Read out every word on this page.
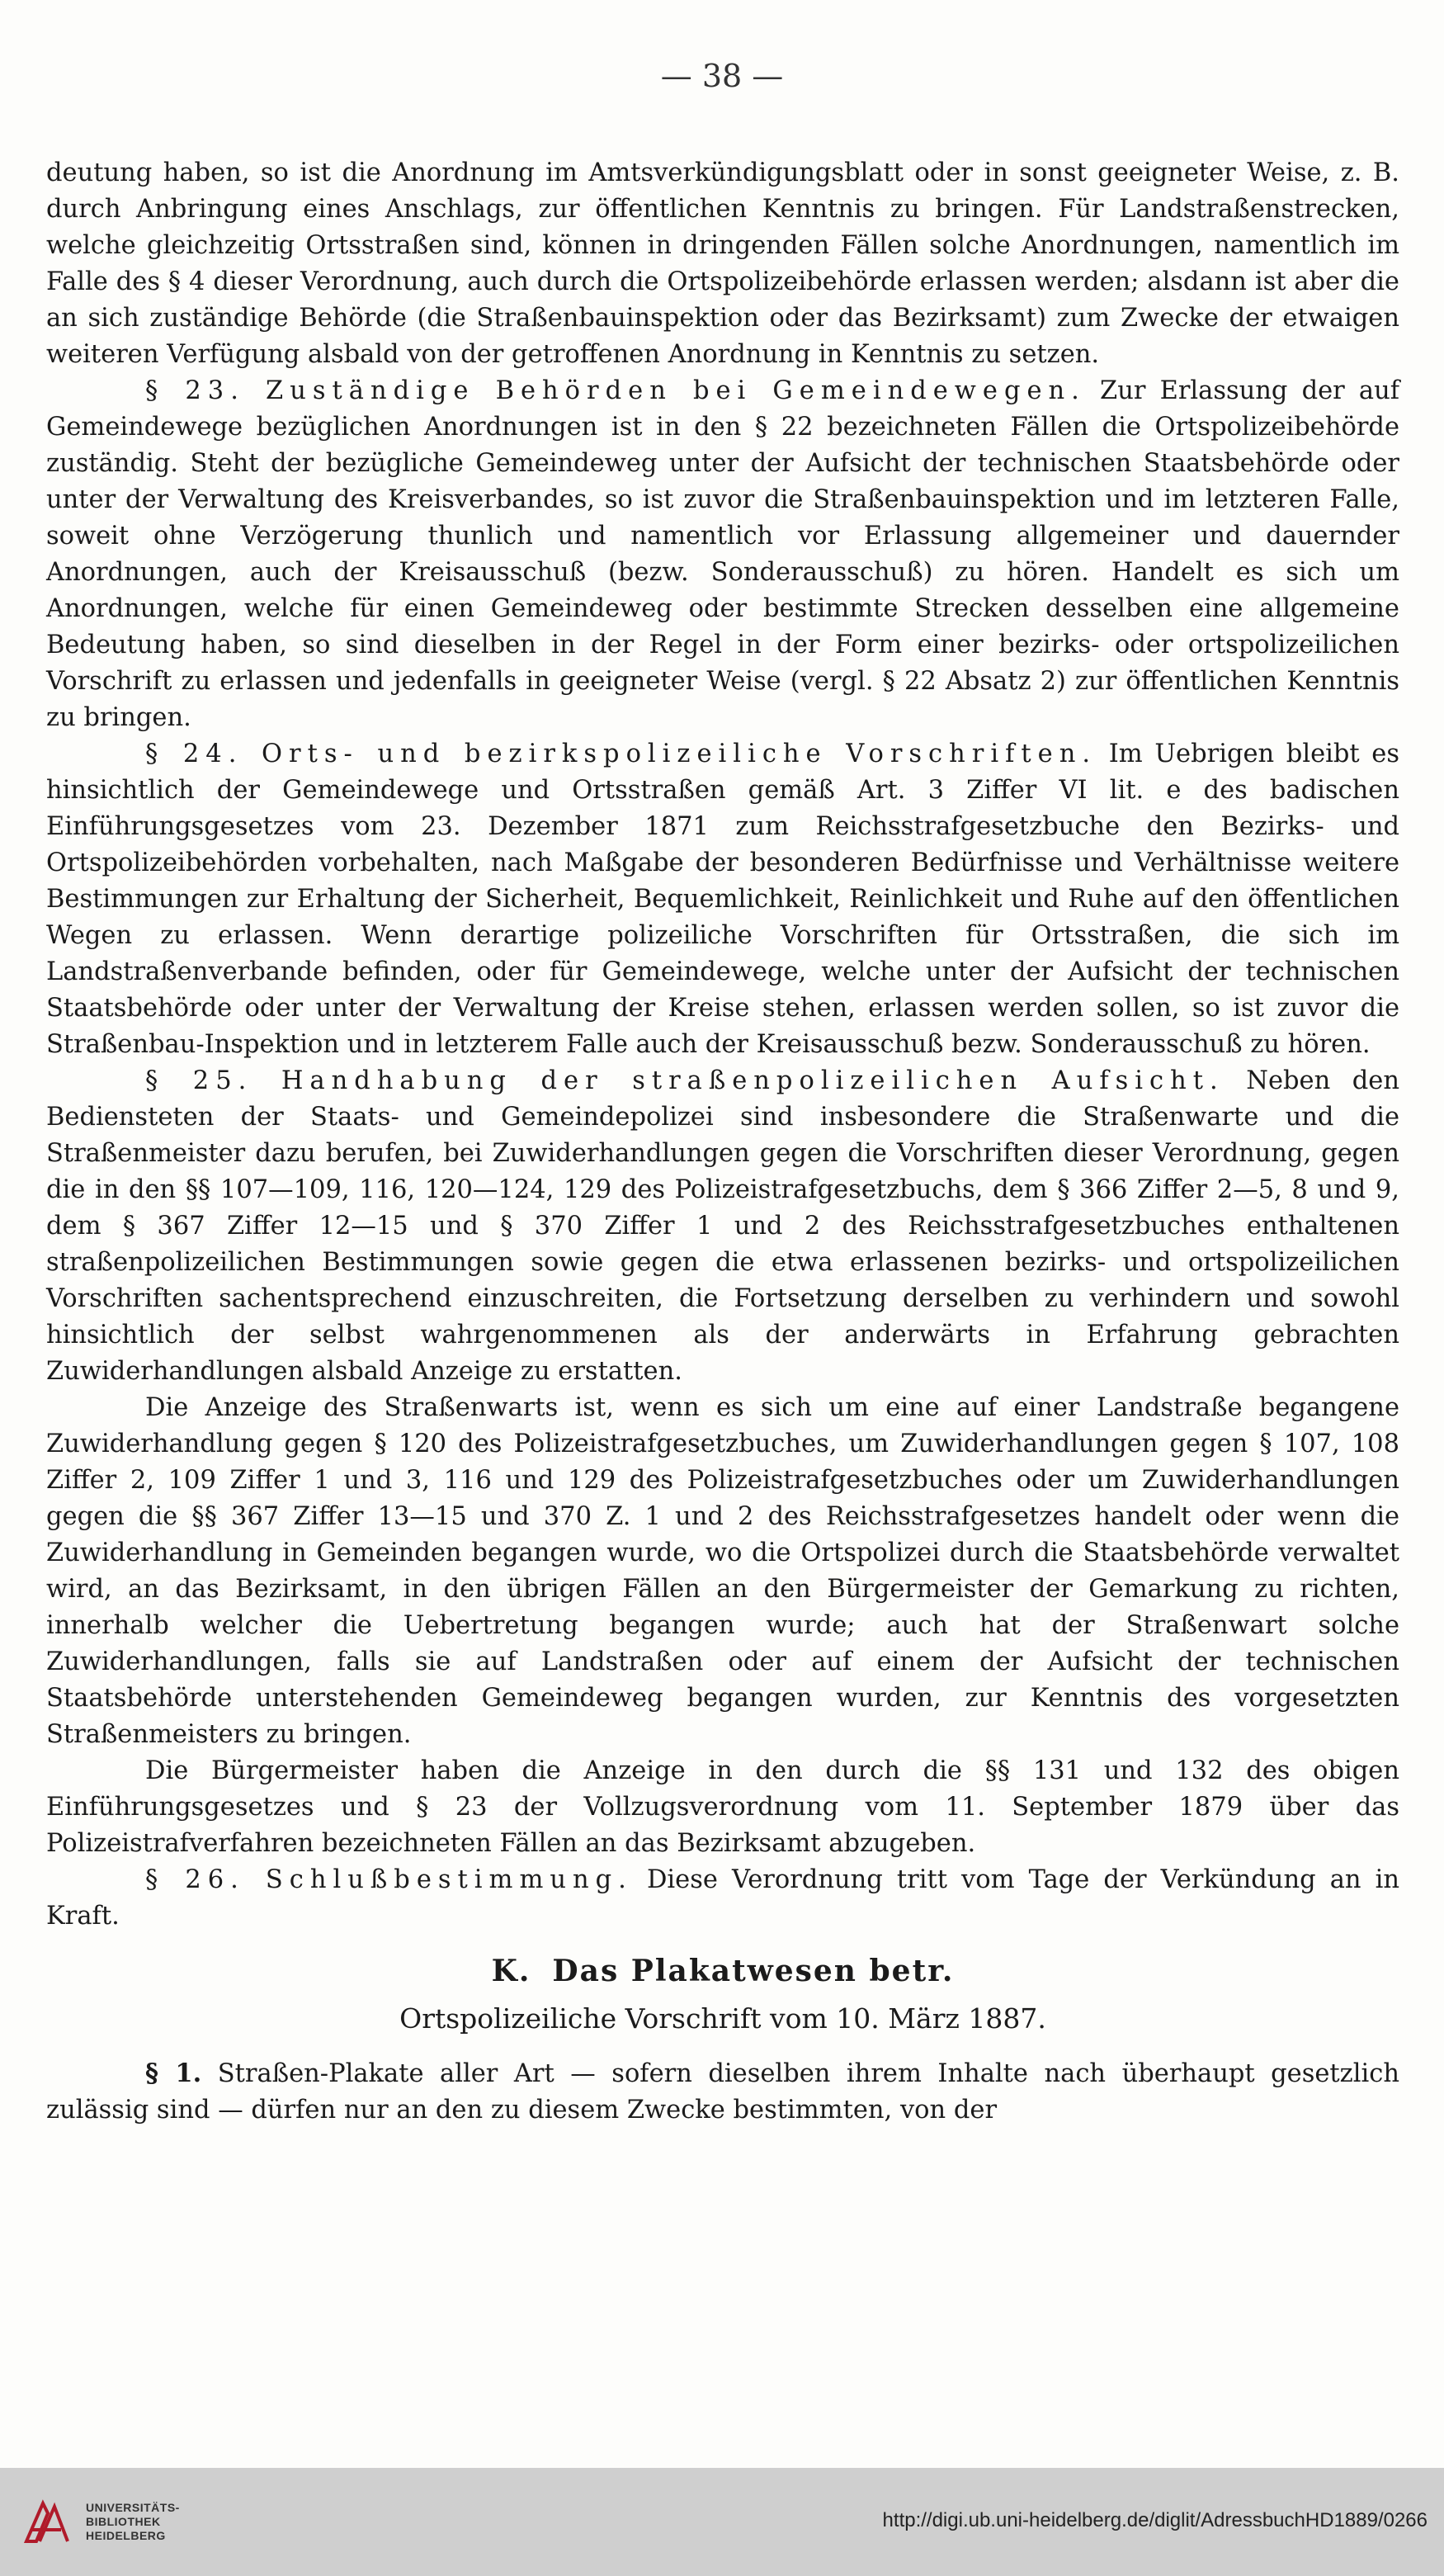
— 38 —

deutung haben, so ist die Anordnung im Amtsverkündigungsblatt oder in sonst geeigneter Weise, z. B. durch Anbringung eines Anschlags, zur öffentlichen Kenntnis zu bringen. Für Landstraßenstrecken, welche gleichzeitig Ortsstraßen sind, können in dringenden Fällen solche Anordnungen, namentlich im Falle des § 4 dieser Verordnung, auch durch die Ortspolizeibehörde erlassen werden; alsdann ist aber die an sich zuständige Behörde (die Straßenbauinspektion oder das Bezirksamt) zum Zwecke der etwaigen weiteren Verfügung alsbald von der getroffenen Anordnung in Kenntnis zu setzen.

§ 23. Zuständige Behörden bei Gemeindewegen. Zur Erlassung der auf Gemeindewege bezüglichen Anordnungen ist in den § 22 bezeichneten Fällen die Ortspolizeibehörde zuständig. Steht der bezügliche Gemeindeweg unter der Aufsicht der technischen Staatsbehörde oder unter der Verwaltung des Kreisverbandes, so ist zuvor die Straßenbauinspektion und im letzteren Falle, soweit ohne Verzögerung thunlich und namentlich vor Erlassung allgemeiner und dauernder Anordnungen, auch der Kreisausschuß (bezw. Sonderausschuß) zu hören. Handelt es sich um Anordnungen, welche für einen Gemeindeweg oder bestimmte Strecken desselben eine allgemeine Bedeutung haben, so sind dieselben in der Regel in der Form einer bezirks- oder ortspolizeilichen Vorschrift zu erlassen und jedenfalls in geeigneter Weise (vergl. § 22 Absatz 2) zur öffentlichen Kenntnis zu bringen.

§ 24. Orts- und bezirkspolizeiliche Vorschriften. Im Uebrigen bleibt es hinsichtlich der Gemeindewege und Ortsstraßen gemäß Art. 3 Ziffer VI lit. e des badischen Einführungsgesetzes vom 23. Dezember 1871 zum Reichsstrafgesetzbuche den Bezirks- und Ortspolizeibehörden vorbehalten, nach Maßgabe der besonderen Bedürfnisse und Verhältnisse weitere Bestimmungen zur Erhaltung der Sicherheit, Bequemlichkeit, Reinlichkeit und Ruhe auf den öffentlichen Wegen zu erlassen. Wenn derartige polizeiliche Vorschriften für Ortsstraßen, die sich im Landstraßenverbande befinden, oder für Gemeindewege, welche unter der Aufsicht der technischen Staatsbehörde oder unter der Verwaltung der Kreise stehen, erlassen werden sollen, so ist zuvor die Straßenbau-Inspektion und in letzterem Falle auch der Kreisausschuß bezw. Sonderausschuß zu hören.

§ 25. Handhabung der straßenpolizeilichen Aufsicht. Neben den Bediensteten der Staats- und Gemeindepolizei sind insbesondere die Straßenwarte und die Straßenmeister dazu berufen, bei Zuwiderhandlungen gegen die Vorschriften dieser Verordnung, gegen die in den §§ 107—109, 116, 120—124, 129 des Polizeistrafgesetzbuchs, dem § 366 Ziffer 2—5, 8 und 9, dem § 367 Ziffer 12—15 und § 370 Ziffer 1 und 2 des Reichsstrafgesetzbuches enthaltenen straßenpolizeilichen Bestimmungen sowie gegen die etwa erlassenen bezirks- und ortspolizeilichen Vorschriften sachentsprechend einzuschreiten, die Fortsetzung derselben zu verhindern und sowohl hinsichtlich der selbst wahrgenommenen als der anderwärts in Erfahrung gebrachten Zuwiderhandlungen alsbald Anzeige zu erstatten.

Die Anzeige des Straßenwarts ist, wenn es sich um eine auf einer Landstraße begangene Zuwiderhandlung gegen § 120 des Polizeistrafgesetzbuches, um Zuwiderhandlungen gegen § 107, 108 Ziffer 2, 109 Ziffer 1 und 3, 116 und 129 des Polizeistrafgesetzbuches oder um Zuwiderhandlungen gegen die §§ 367 Ziffer 13—15 und 370 Z. 1 und 2 des Reichsstrafgesetzes handelt oder wenn die Zuwiderhandlung in Gemeinden begangen wurde, wo die Ortspolizei durch die Staatsbehörde verwaltet wird, an das Bezirksamt, in den übrigen Fällen an den Bürgermeister der Gemarkung zu richten, innerhalb welcher die Uebertretung begangen wurde; auch hat der Straßenwart solche Zuwiderhandlungen, falls sie auf Landstraßen oder auf einem der Aufsicht der technischen Staatsbehörde unterstehenden Gemeindeweg begangen wurden, zur Kenntnis des vorgesetzten Straßenmeisters zu bringen.

Die Bürgermeister haben die Anzeige in den durch die §§ 131 und 132 des obigen Einführungsgesetzes und § 23 der Vollzugsverordnung vom 11. September 1879 über das Polizeistrafverfahren bezeichneten Fällen an das Bezirksamt abzugeben.

§ 26. Schlußbestimmung. Diese Verordnung tritt vom Tage der Verkündung an in Kraft.

K. Das Plakatwesen betr.

Ortspolizeiliche Vorschrift vom 10. März 1887.

§ 1. Straßen-Plakate aller Art — sofern dieselben ihrem Inhalte nach überhaupt gesetzlich zulässig sind — dürfen nur an den zu diesem Zwecke bestimmten, von der

UNIVERSITÄTS-
BIBLIOTHEK
HEIDELBERG
http://digi.ub.uni-heidelberg.de/diglit/AdressbuchHD1889/0266
